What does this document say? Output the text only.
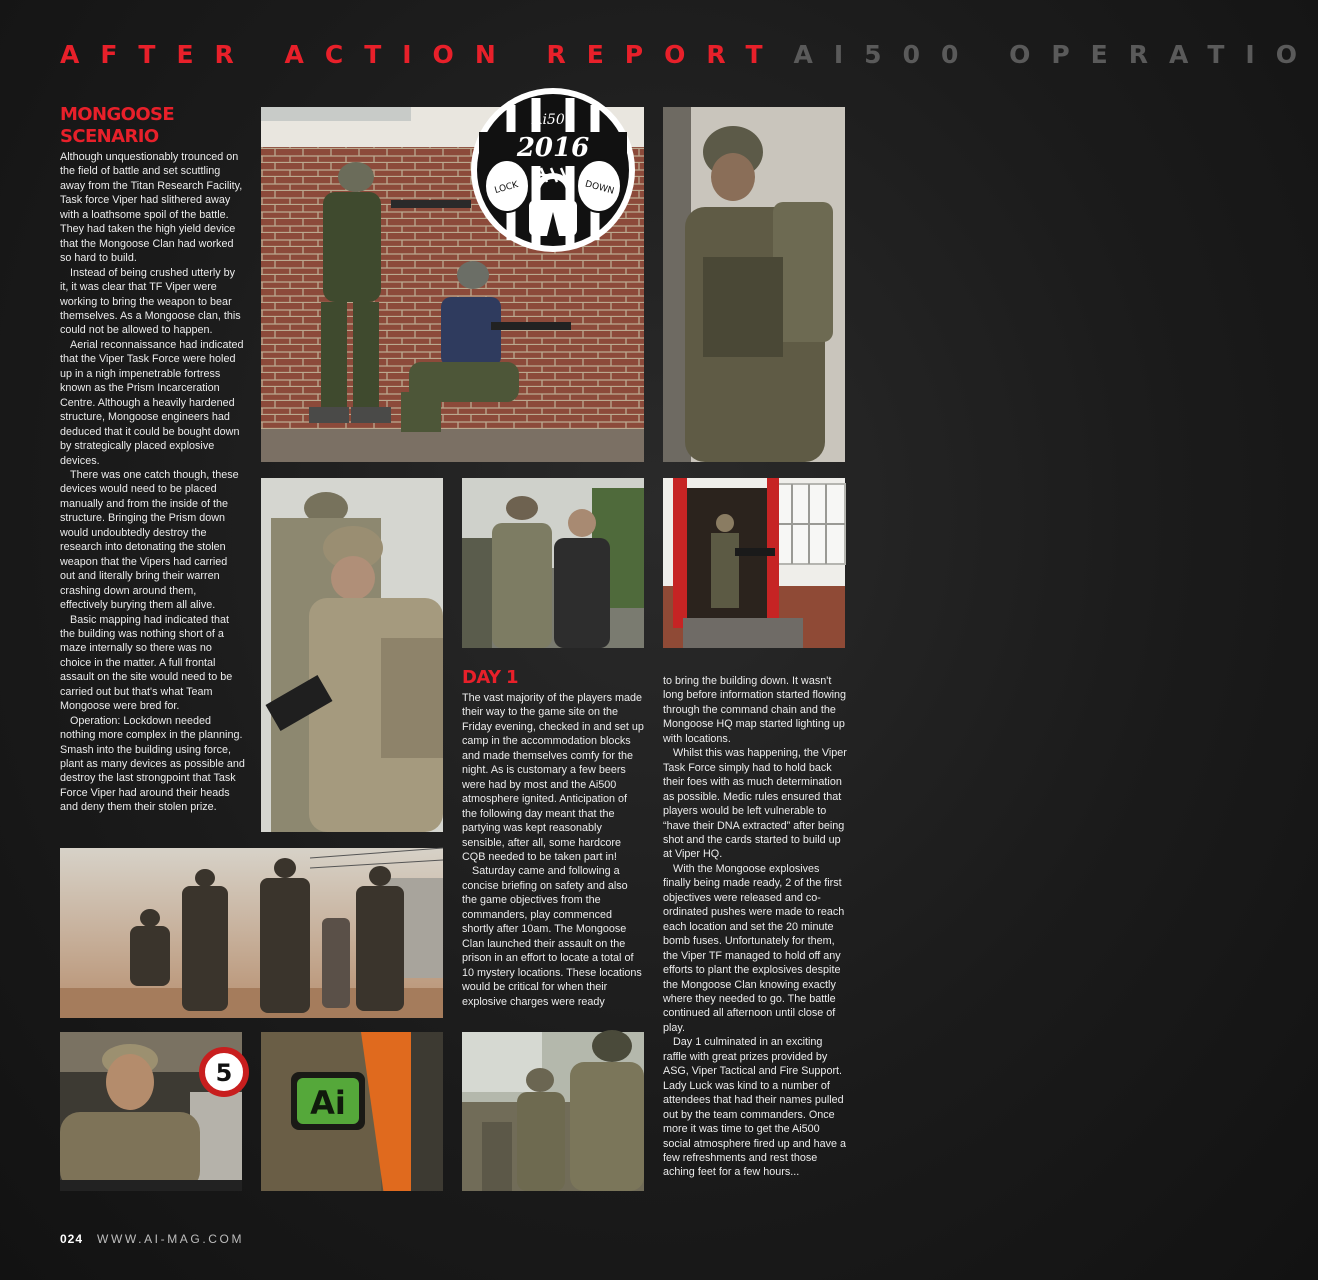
AFTER ACTION REPORT AI500 OPERATIO
MONGOOSE SCENARIO

Although unquestionably trounced on the field of battle and set scuttling away from the Titan Research Facility, Task force Viper had slithered away with a loathsome spoil of the battle. They had taken the high yield device that the Mongoose Clan had worked so hard to build.

Instead of being crushed utterly by it, it was clear that TF Viper were working to bring the weapon to bear themselves. As a Mongoose clan, this could not be allowed to happen.

Aerial reconnaissance had indicated that the Viper Task Force were holed up in a nigh impenetrable fortress known as the Prism Incarceration Centre. Although a heavily hardened structure, Mongoose engineers had deduced that it could be bought down by strategically placed explosive devices.

There was one catch though, these devices would need to be placed manually and from the inside of the structure. Bringing the Prism down would undoubtedly destroy the research into detonating the stolen weapon that the Vipers had carried out and literally bring their warren crashing down around them, effectively burying them all alive.

Basic mapping had indicated that the building was nothing short of a maze internally so there was no choice in the matter. A full frontal assault on the site would need to be carried out but that's what Team Mongoose were bred for.

Operation: Lockdown needed nothing more complex in the planning. Smash into the building using force, plant as many devices as possible and destroy the last strongpoint that Task Force Viper had around their heads and deny them their stolen prize.

Ai500
2016
LOCK	DOWN
DAY 1

The vast majority of the players made their way to the game site on the Friday evening, checked in and set up camp in the accommodation blocks and made themselves comfy for the night. As is customary a few beers were had by most and the Ai500 atmosphere ignited. Anticipation of the following day meant that the partying was kept reasonably sensible, after all, some hardcore CQB needed to be taken part in!

Saturday came and following a concise briefing on safety and also the game objectives from the commanders, play commenced shortly after 10am. The Mongoose Clan launched their assault on the prison in an effort to locate a total of 10 mystery locations. These locations would be critical for when their explosive charges were ready

to bring the building down. It wasn't long before information started flowing through the command chain and the Mongoose HQ map started lighting up with locations.

Whilst this was happening, the Viper Task Force simply had to hold back their foes with as much determination as possible. Medic rules ensured that players would be left vulnerable to “have their DNA extracted” after being shot and the cards started to build up at Viper HQ.

With the Mongoose explosives finally being made ready, 2 of the first objectives were released and co-ordinated pushes were made to reach each location and set the 20 minute bomb fuses. Unfortunately for them, the Viper TF managed to hold off any efforts to plant the explosives despite the Mongoose Clan knowing exactly where they needed to go. The battle continued all afternoon until close of play.

Day 1 culminated in an exciting raffle with great prizes provided by ASG, Viper Tactical and Fire Support. Lady Luck was kind to a number of attendees that had their names pulled out by the team commanders. Once more it was time to get the Ai500 social atmosphere fired up and have a few refreshments and rest those aching feet for a few hours...

5
Ai
024 WWW.AI-MAG.COM
